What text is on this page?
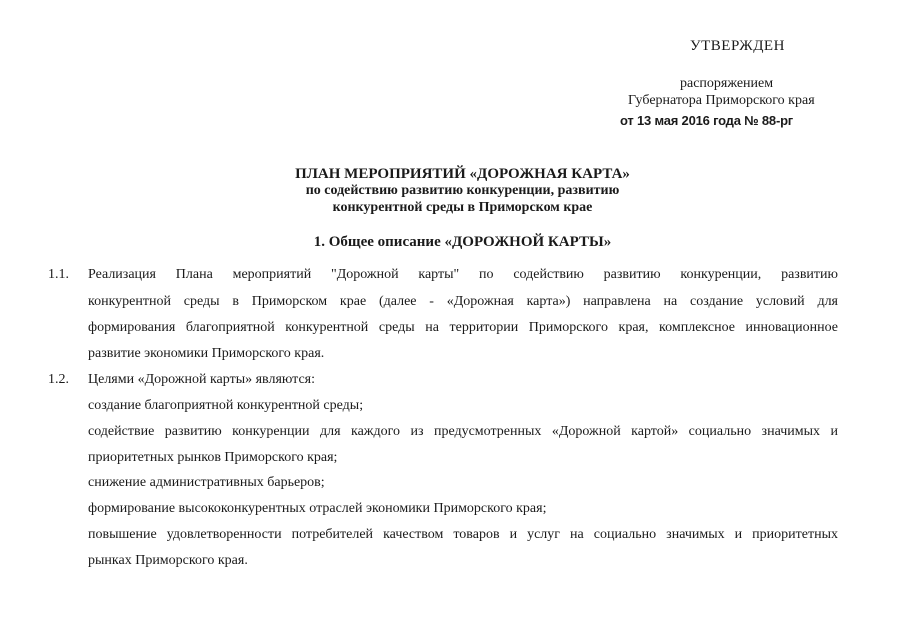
УТВЕРЖДЕН
распоряжением
Губернатора Приморского края
от 13 мая 2016 года № 88-рг
ПЛАН МЕРОПРИЯТИЙ «ДОРОЖНАЯ КАРТА»
по содействию развитию конкуренции, развитию
конкурентной среды в Приморском крае
1. Общее описание «ДОРОЖНОЙ КАРТЫ»
1.1. Реализация Плана мероприятий "Дорожной карты" по содействию развитию конкуренции, развитию
конкурентной среды в Приморском крае (далее - «Дорожная карта») направлена на создание условий для
формирования благоприятной конкурентной среды на территории Приморского края, комплексное инновационное
развитие экономики Приморского края.
1.2. Целями «Дорожной карты» являются:
создание благоприятной конкурентной среды;
содействие развитию конкуренции для каждого из предусмотренных «Дорожной картой» социально значимых и
приоритетных рынков Приморского края;
снижение административных барьеров;
формирование высококонкурентных отраслей экономики Приморского края;
повышение удовлетворенности потребителей качеством товаров и услуг на социально значимых и приоритетных
рынках Приморского края.
